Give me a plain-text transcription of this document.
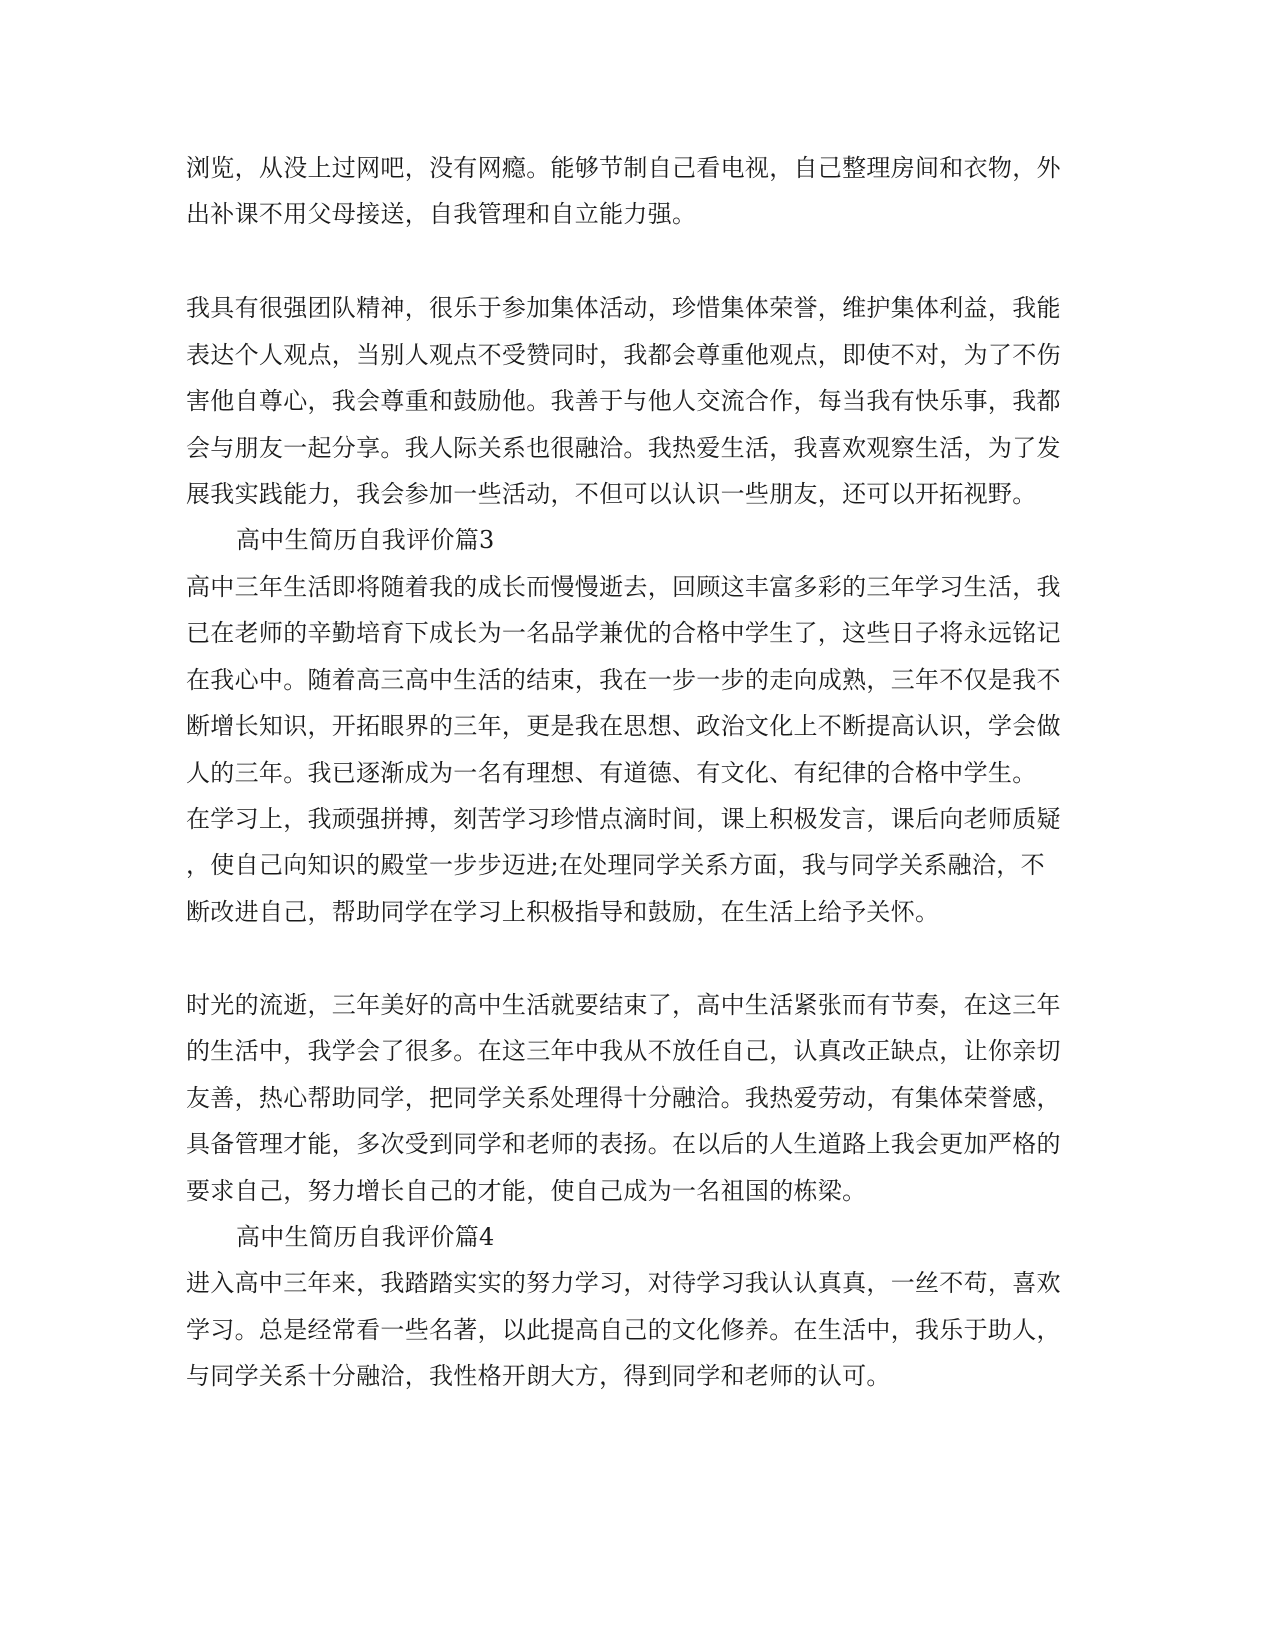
浏览，从没上过网吧，没有网瘾。能够节制自己看电视，自己整理房间和衣物，外
出补课不用父母接送，自我管理和自立能力强。
我具有很强团队精神，很乐于参加集体活动，珍惜集体荣誉，维护集体利益，我能
表达个人观点，当别人观点不受赞同时，我都会尊重他观点，即使不对，为了不伤
害他自尊心，我会尊重和鼓励他。我善于与他人交流合作，每当我有快乐事，我都
会与朋友一起分享。我人际关系也很融洽。我热爱生活，我喜欢观察生活，为了发
展我实践能力，我会参加一些活动，不但可以认识一些朋友，还可以开拓视野。
高中生简历自我评价篇3
高中三年生活即将随着我的成长而慢慢逝去，回顾这丰富多彩的三年学习生活，我
已在老师的辛勤培育下成长为一名品学兼优的合格中学生了，这些日子将永远铭记
在我心中。随着高三高中生活的结束，我在一步一步的走向成熟，三年不仅是我不
断增长知识，开拓眼界的三年，更是我在思想、政治文化上不断提高认识，学会做
人的三年。我已逐渐成为一名有理想、有道德、有文化、有纪律的合格中学生。
在学习上，我顽强拼搏，刻苦学习珍惜点滴时间，课上积极发言，课后向老师质疑
，使自己向知识的殿堂一步步迈进;在处理同学关系方面，我与同学关系融洽，不
断改进自己，帮助同学在学习上积极指导和鼓励，在生活上给予关怀。
时光的流逝，三年美好的高中生活就要结束了，高中生活紧张而有节奏，在这三年
的生活中，我学会了很多。在这三年中我从不放任自己，认真改正缺点，让你亲切
友善，热心帮助同学，把同学关系处理得十分融洽。我热爱劳动，有集体荣誉感，
具备管理才能，多次受到同学和老师的表扬。在以后的人生道路上我会更加严格的
要求自己，努力增长自己的才能，使自己成为一名祖国的栋梁。
高中生简历自我评价篇4
进入高中三年来，我踏踏实实的努力学习，对待学习我认认真真，一丝不苟，喜欢
学习。总是经常看一些名著，以此提高自己的文化修养。在生活中，我乐于助人，
与同学关系十分融洽，我性格开朗大方，得到同学和老师的认可。
